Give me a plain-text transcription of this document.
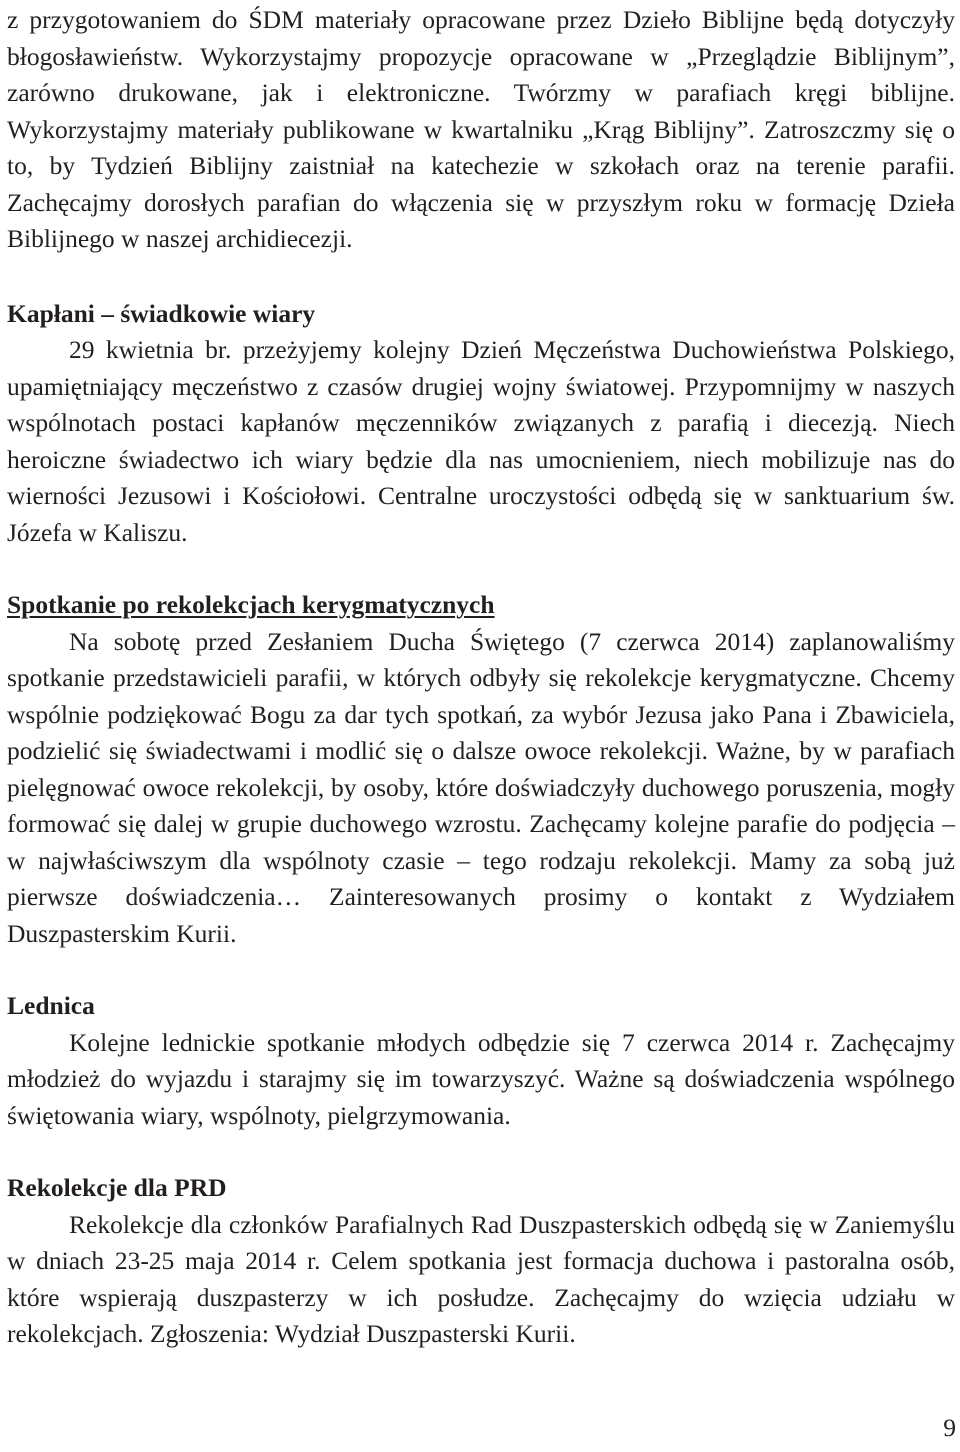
z przygotowaniem do ŚDM materiały opracowane przez Dzieło Biblijne będą dotyczyły błogosławieństw. Wykorzystajmy propozycje opracowane w „Przeglądzie Biblijnym”, zarówno drukowane, jak i elektroniczne. Twórzmy w parafiach kręgi biblijne. Wykorzystajmy materiały publikowane w kwartalniku „Krąg Biblijny”. Zatroszczmy się o to, by Tydzień Biblijny zaistniał na katechezie w szkołach oraz na terenie parafii. Zachęcajmy dorosłych parafian do włączenia się w przyszłym roku w formację Dzieła Biblijnego w naszej archidiecezji.

Kapłani – świadkowie wiary

29 kwietnia br. przeżyjemy kolejny Dzień Męczeństwa Duchowieństwa Polskiego, upamiętniający męczeństwo z czasów drugiej wojny światowej. Przypomnijmy w naszych wspólnotach postaci kapłanów męczenników związanych z parafią i diecezją. Niech heroiczne świadectwo ich wiary będzie dla nas umocnieniem, niech mobilizuje nas do wierności Jezusowi i Kościołowi. Centralne uroczystości odbędą się w sanktuarium św. Józefa w Kaliszu.

Spotkanie po rekolekcjach kerygmatycznych

Na sobotę przed Zesłaniem Ducha Świętego (7 czerwca 2014) zaplanowaliśmy spotkanie przedstawicieli parafii, w których odbyły się rekolekcje kerygmatyczne. Chcemy wspólnie podziękować Bogu za dar tych spotkań, za wybór Jezusa jako Pana i Zbawiciela, podzielić się świadectwami i modlić się o dalsze owoce rekolekcji. Ważne, by w parafiach pielęgnować owoce rekolekcji, by osoby, które doświadczyły duchowego poruszenia, mogły formować się dalej w grupie duchowego wzrostu. Zachęcamy kolejne parafie do podjęcia – w najwłaściwszym dla wspólnoty czasie – tego rodzaju rekolekcji. Mamy za sobą już pierwsze doświadczenia… Zainteresowanych prosimy o kontakt z Wydziałem Duszpasterskim Kurii.

Lednica

Kolejne lednickie spotkanie młodych odbędzie się 7 czerwca 2014 r. Zachęcajmy młodzież do wyjazdu i starajmy się im towarzyszyć. Ważne są doświadczenia wspólnego świętowania wiary, wspólnoty, pielgrzymowania.

Rekolekcje dla PRD

Rekolekcje dla członków Parafialnych Rad Duszpasterskich odbędą się w Zaniemyślu w dniach 23-25 maja 2014 r. Celem spotkania jest formacja duchowa i pastoralna osób, które wspierają duszpasterzy w ich posłudze. Zachęcajmy do wzięcia udziału w rekolekcjach. Zgłoszenia: Wydział Duszpasterski Kurii.

9
